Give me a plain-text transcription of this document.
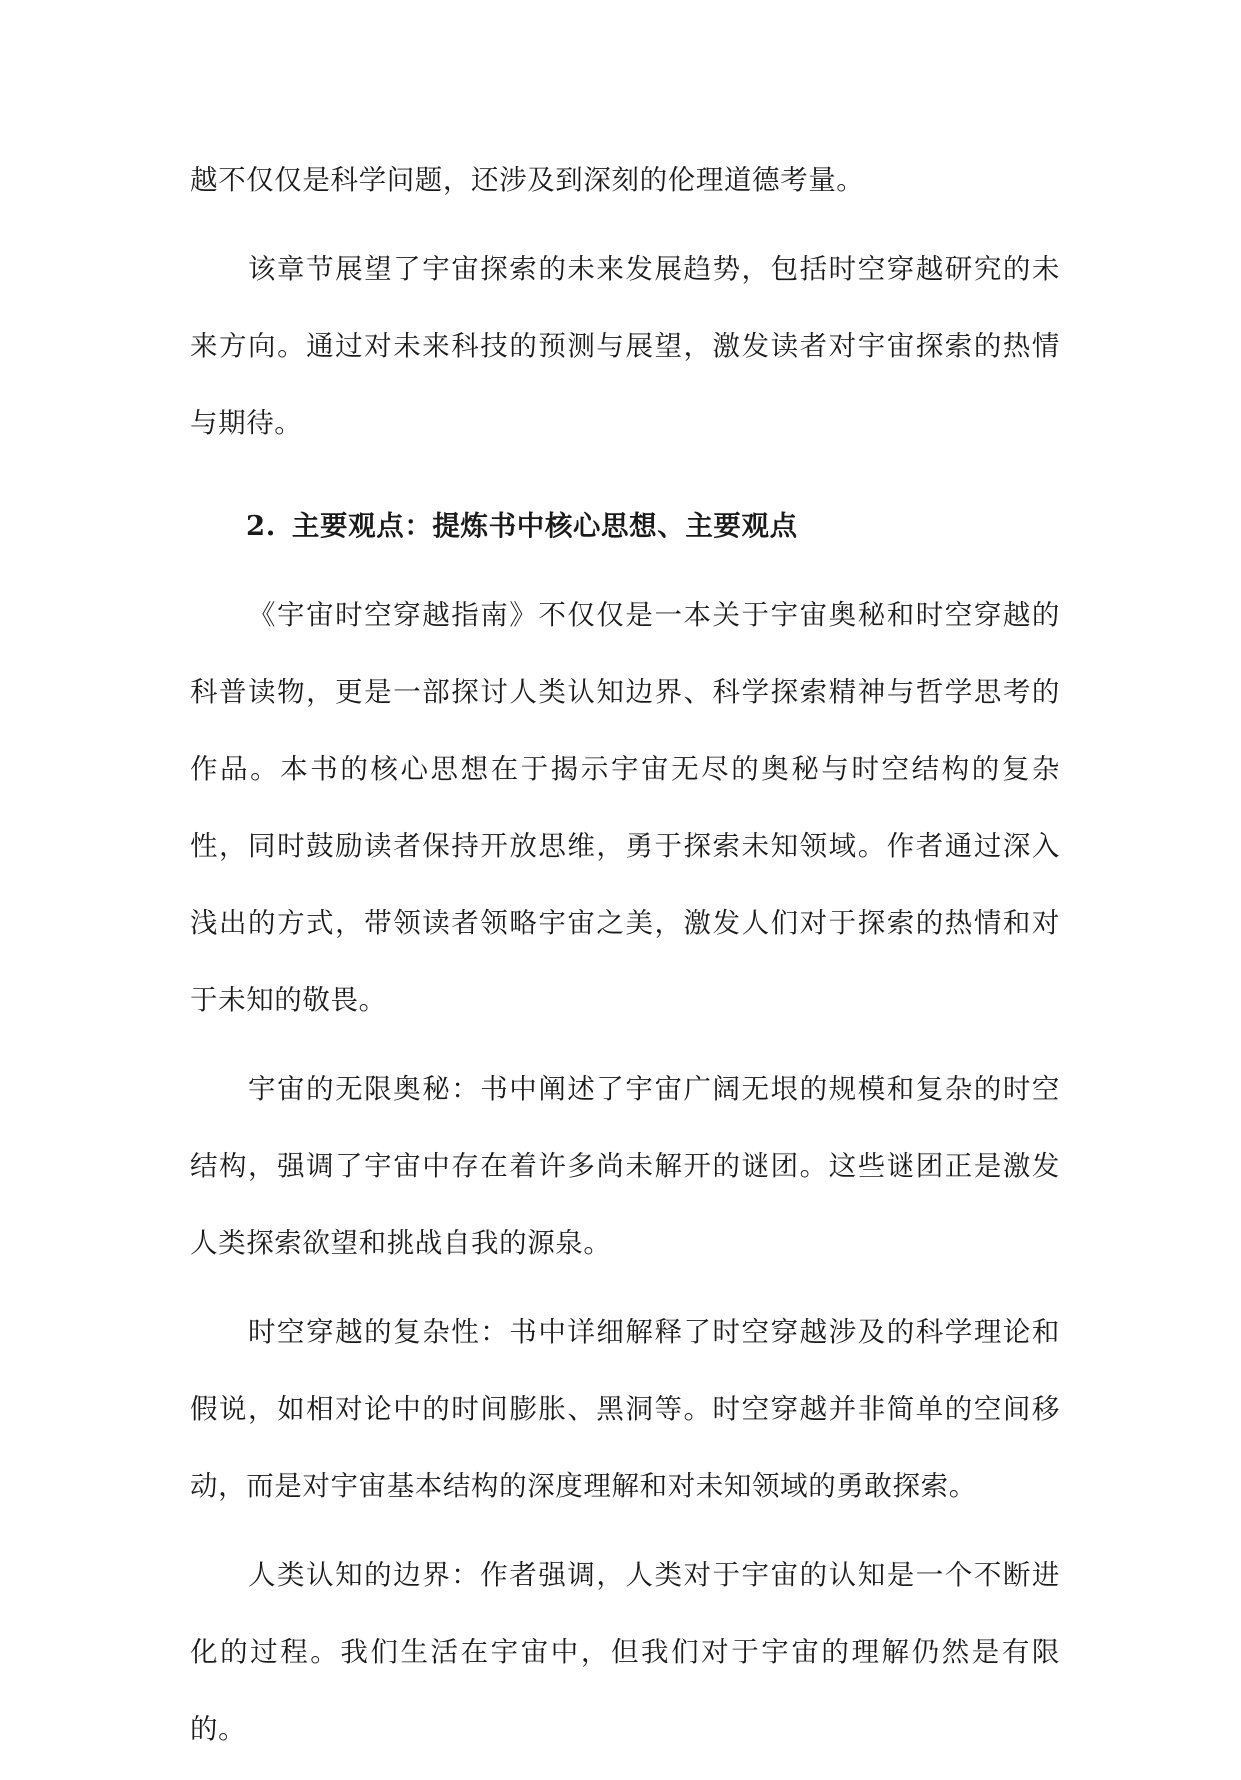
越不仅仅是科学问题，还涉及到深刻的伦理道德考量。

该章节展望了宇宙探索的未来发展趋势，包括时空穿越研究的未来方向。通过对未来科技的预测与展望，激发读者对宇宙探索的热情与期待。

2. 主要观点：提炼书中核心思想、主要观点

《宇宙时空穿越指南》不仅仅是一本关于宇宙奥秘和时空穿越的科普读物，更是一部探讨人类认知边界、科学探索精神与哲学思考的作品。本书的核心思想在于揭示宇宙无尽的奥秘与时空结构的复杂性，同时鼓励读者保持开放思维，勇于探索未知领域。作者通过深入浅出的方式，带领读者领略宇宙之美，激发人们对于探索的热情和对于未知的敬畏。

宇宙的无限奥秘：书中阐述了宇宙广阔无垠的规模和复杂的时空结构，强调了宇宙中存在着许多尚未解开的谜团。这些谜团正是激发人类探索欲望和挑战自我的源泉。

时空穿越的复杂性：书中详细解释了时空穿越涉及的科学理论和假说，如相对论中的时间膨胀、黑洞等。时空穿越并非简单的空间移动，而是对宇宙基本结构的深度理解和对未知领域的勇敢探索。

人类认知的边界：作者强调，人类对于宇宙的认知是一个不断进化的过程。我们生活在宇宙中，但我们对于宇宙的理解仍然是有限的。
